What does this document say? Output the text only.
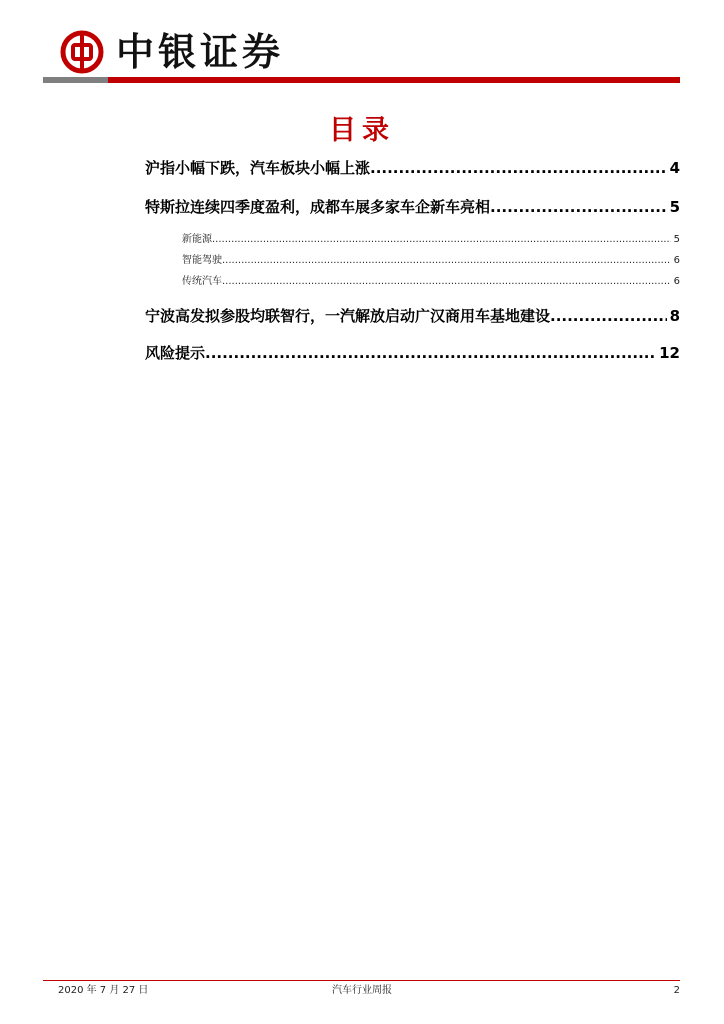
中银证券
目录
沪指小幅下跌，汽车板块小幅上涨 .....	4
特斯拉连续四季度盈利，成都车展多家车企新车亮相 .....	5
新能源 .....	5
智能驾驶 .....	6
传统汽车 .....	6
宁波高发拟参股均联智行，一汽解放启动广汉商用车基地建设 .....	8
风险提示 .....	12
2020 年 7 月 27 日	汽车行业周报	2
